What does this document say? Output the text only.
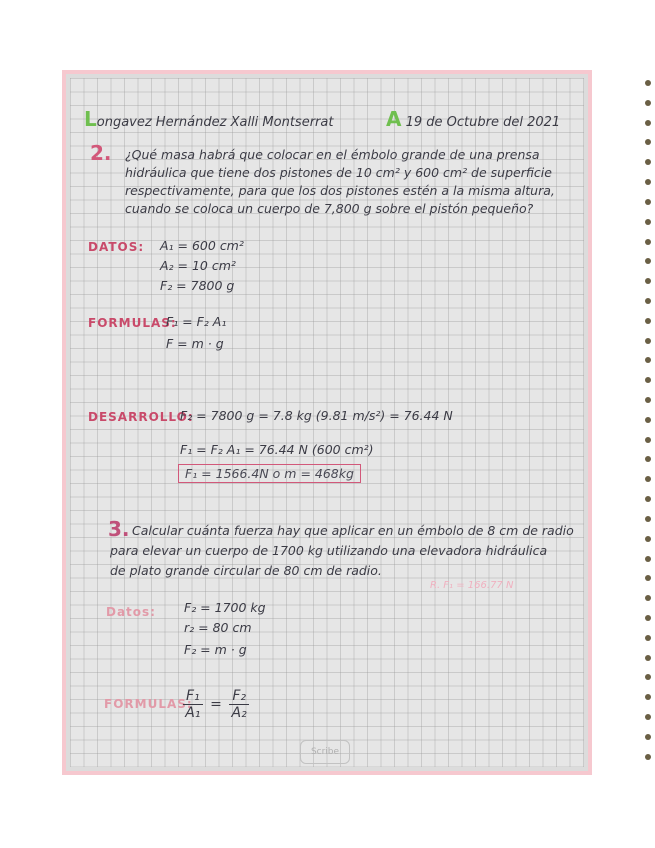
Longavez Hernández Xalli Montserrat	A 19 de Octubre del 2021
2. ¿Qué masa habrá que colocar en el émbolo grande de una prensa
hidráulica que tiene dos pistones de 10 cm² y 600 cm² de superficie
respectivamente, para que los dos pistones estén a la misma altura,
cuando se coloca un cuerpo de 7,800 g sobre el pistón pequeño?
DATOS: A₁ = 600 cm²
A₂ = 10 cm²
F₂ = 7800 g
FORMULAS:
F₁ = F₂ A₁
F = m · g
DESARROLLO:
F₂ = 7800 g = 7.8 kg (9.81 m/s²) = 76.44 N
F₁ = F₂ A₁ = 76.44 N (600 cm²)
F₁ = 1566.4N o m = 468kg
3. Calcular cuánta fuerza hay que aplicar en un émbolo de 8 cm de radio
para elevar un cuerpo de 1700 kg utilizando una elevadora hidráulica
de plato grande circular de 80 cm de radio.
R. F₁ = 166.77 N
Datos: F₂ = 1700 kg
r₂ = 80 cm
F₂ = m · g
FORMULAS:
$\frac{\text{F₁}}{\text{A₁}} = \frac{\text{F₂}}{\text{A₂}}$
Scribe
